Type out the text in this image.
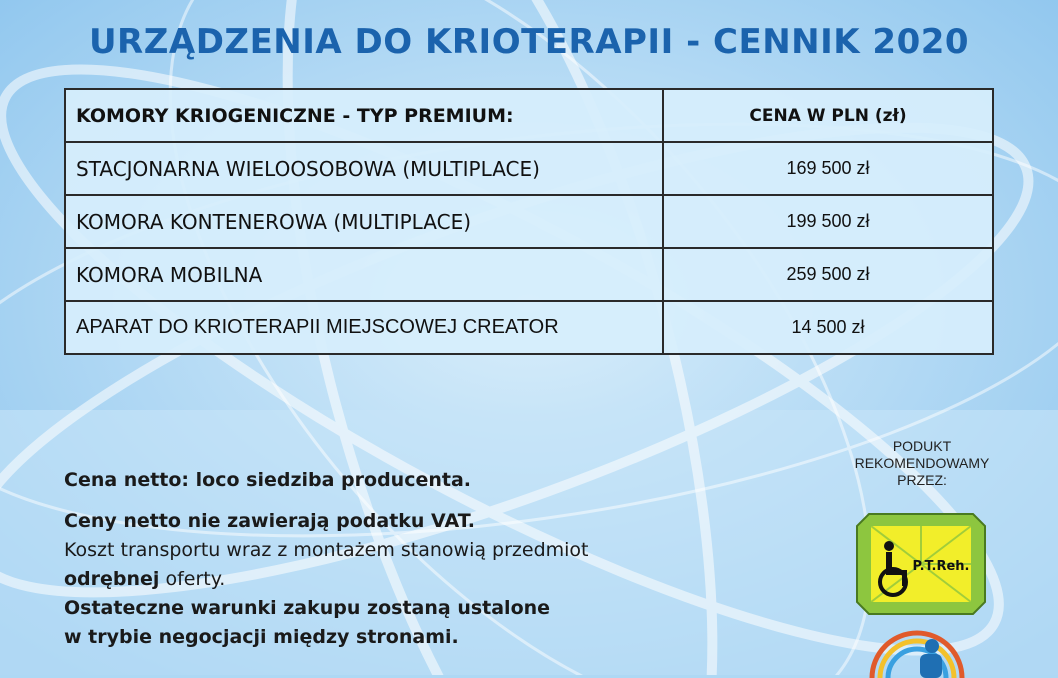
URZĄDZENIA DO KRIOTERAPII - CENNIK 2020
KOMORY KRIOGENICZNE - TYP PREMIUM:	CENA W PLN (zł)
STACJONARNA WIELOOSOBOWA (MULTIPLACE)	169 500 zł
KOMORA KONTENEROWA (MULTIPLACE)	199 500 zł
KOMORA MOBILNA	259 500 zł
APARAT DO KRIOTERAPII MIEJSCOWEJ CREATOR	14 500 zł

Cena netto: loco siedziba producenta.

Ceny netto nie zawierają podatku VAT.

Koszt transportu wraz z montażem stanowią przedmiot

odrębnej oferty.

Ostateczne warunki zakupu zostaną ustalone

w trybie negocjacji między stronami.

PODUKT
REKOMENDOWAMY
PRZEZ:
P.T.Reh.
